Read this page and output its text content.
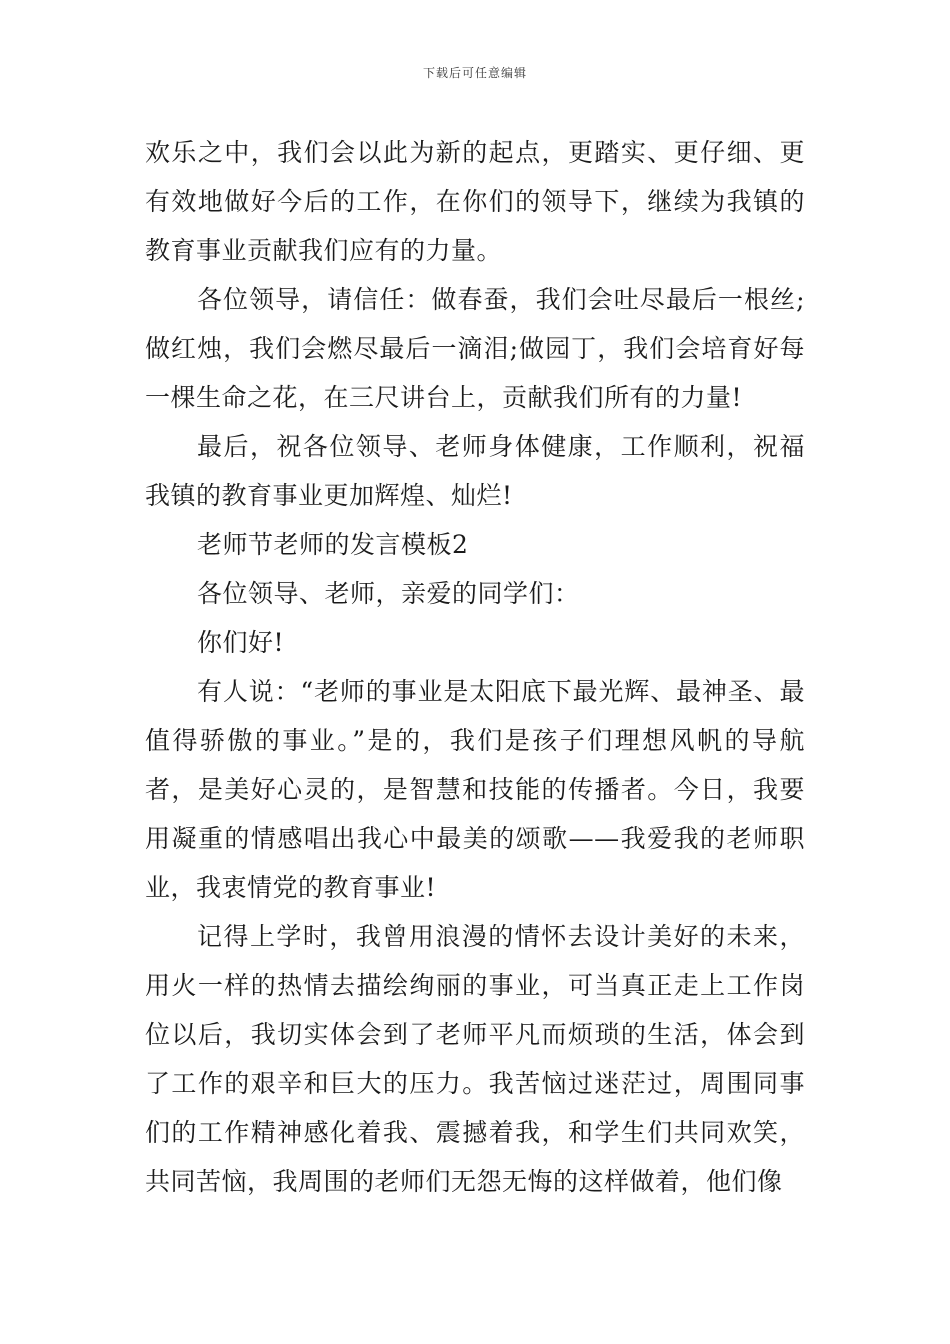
下载后可任意编辑

欢乐之中，我们会以此为新的起点，更踏实、更仔细、更有效地做好今后的工作，在你们的领导下，继续为我镇的教育事业贡献我们应有的力量。

各位领导，请信任：做春蚕，我们会吐尽最后一根丝;做红烛，我们会燃尽最后一滴泪;做园丁，我们会培育好每一棵生命之花，在三尺讲台上，贡献我们所有的力量!

最后，祝各位领导、老师身体健康，工作顺利，祝福我镇的教育事业更加辉煌、灿烂!

老师节老师的发言模板2

各位领导、老师，亲爱的同学们：

你们好!

有人说：“老师的事业是太阳底下最光辉、最神圣、最值得骄傲的事业。”是的，我们是孩子们理想风帆的导航者，是美好心灵的，是智慧和技能的传播者。今日，我要用凝重的情感唱出我心中最美的颂歌——我爱我的老师职业，我衷情党的教育事业!

记得上学时，我曾用浪漫的情怀去设计美好的未来，用火一样的热情去描绘绚丽的事业，可当真正走上工作岗位以后，我切实体会到了老师平凡而烦琐的生活，体会到了工作的艰辛和巨大的压力。我苦恼过迷茫过，周围同事们的工作精神感化着我、震撼着我，和学生们共同欢笑，共同苦恼，我周围的老师们无怨无悔的这样做着，他们像
